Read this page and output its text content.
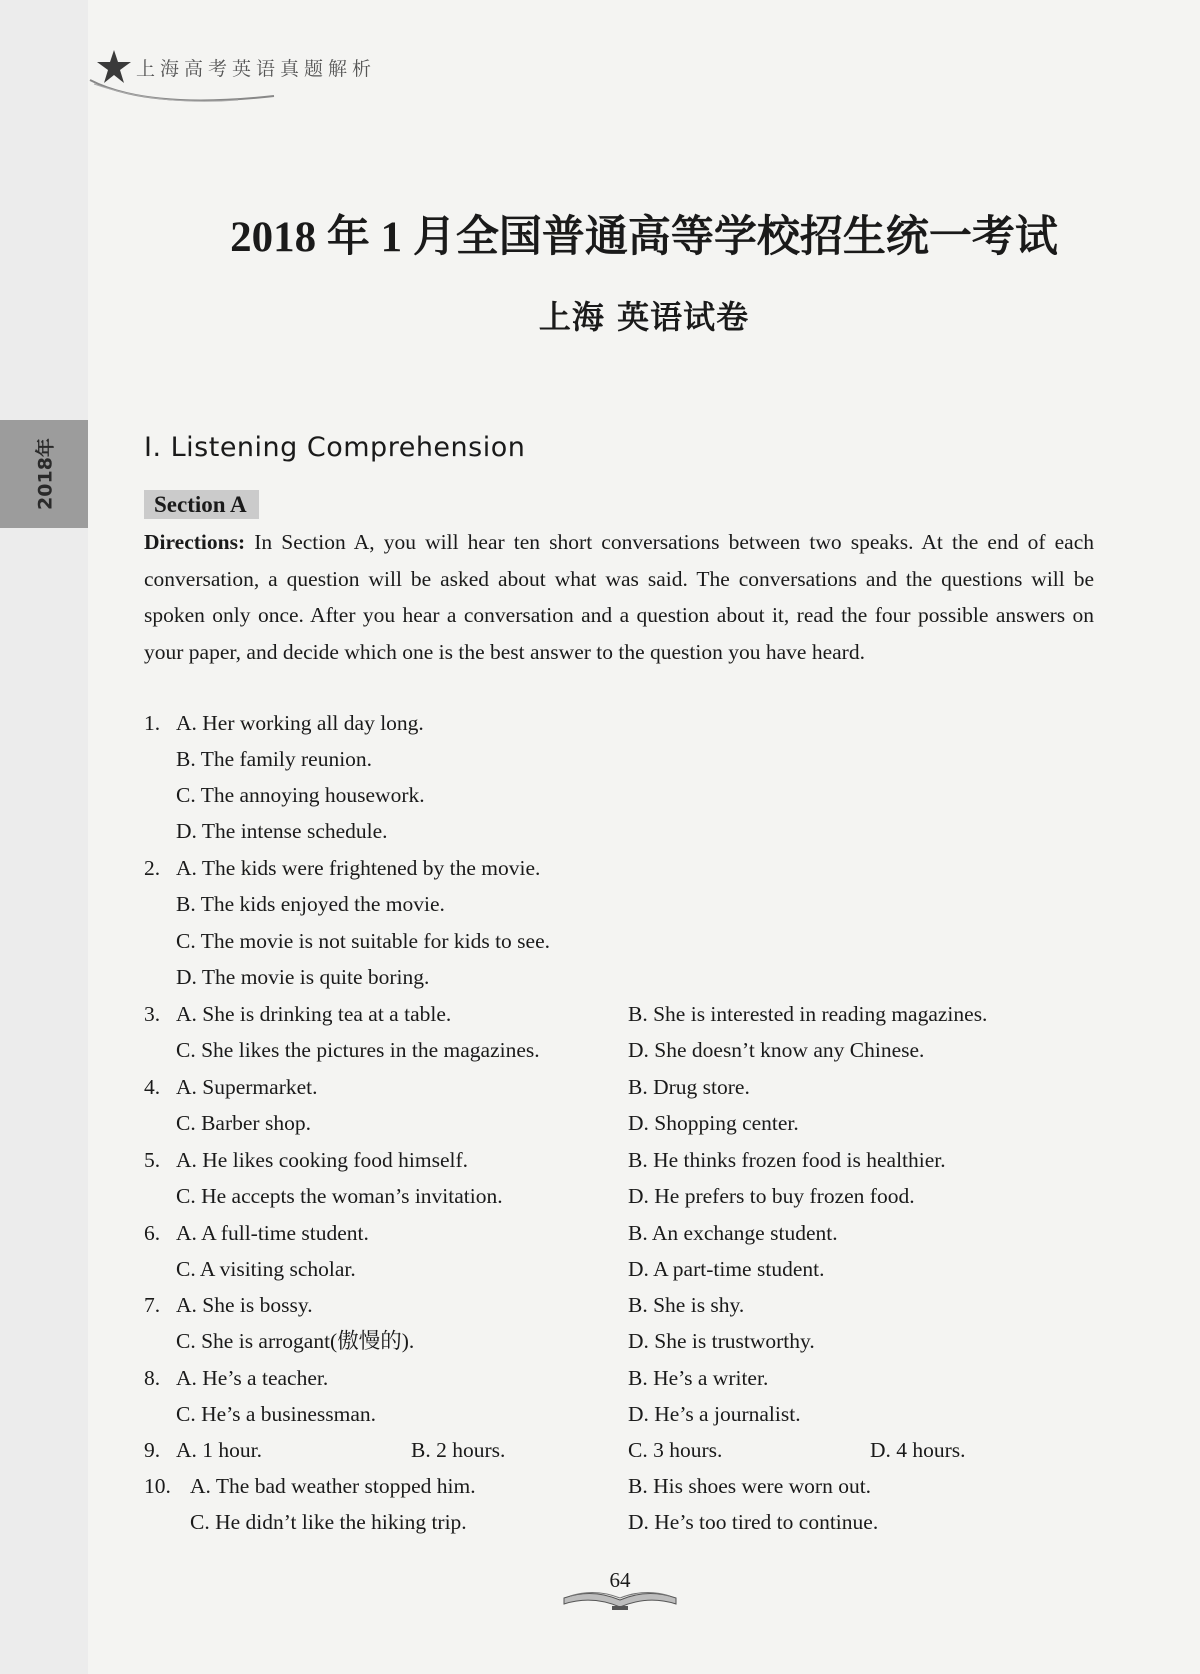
上海高考英语真题解析
2018年
2018 年 1 月全国普通高等学校招生统一考试
上海 英语试卷
I. Listening Comprehension
Section A
Directions: In Section A, you will hear ten short conversations between two speaks. At the end of each conversation, a question will be asked about what was said. The conversations and the questions will be spoken only once. After you hear a conversation and a question about it, read the four possible answers on your paper, and decide which one is the best answer to the question you have heard.
1. A. Her working all day long.
B. The family reunion.
C. The annoying housework.
D. The intense schedule.
2. A. The kids were frightened by the movie.
B. The kids enjoyed the movie.
C. The movie is not suitable for kids to see.
D. The movie is quite boring.
3. A. She is drinking tea at a table.	B. She is interested in reading magazines.
C. She likes the pictures in the magazines.	D. She doesn’t know any Chinese.
4. A. Supermarket.	B. Drug store.
C. Barber shop.	D. Shopping center.
5. A. He likes cooking food himself.	B. He thinks frozen food is healthier.
C. He accepts the woman’s invitation.	D. He prefers to buy frozen food.
6. A. A full-time student.	B. An exchange student.
C. A visiting scholar.	D. A part-time student.
7. A. She is bossy.	B. She is shy.
C. She is arrogant(傲慢的).	D. She is trustworthy.
8. A. He’s a teacher.	B. He’s a writer.
C. He’s a businessman.	D. He’s a journalist.
9. A. 1 hour.	B. 2 hours.	C. 3 hours.	D. 4 hours.
10. A. The bad weather stopped him.	B. His shoes were worn out.
C. He didn’t like the hiking trip.	D. He’s too tired to continue.
64
